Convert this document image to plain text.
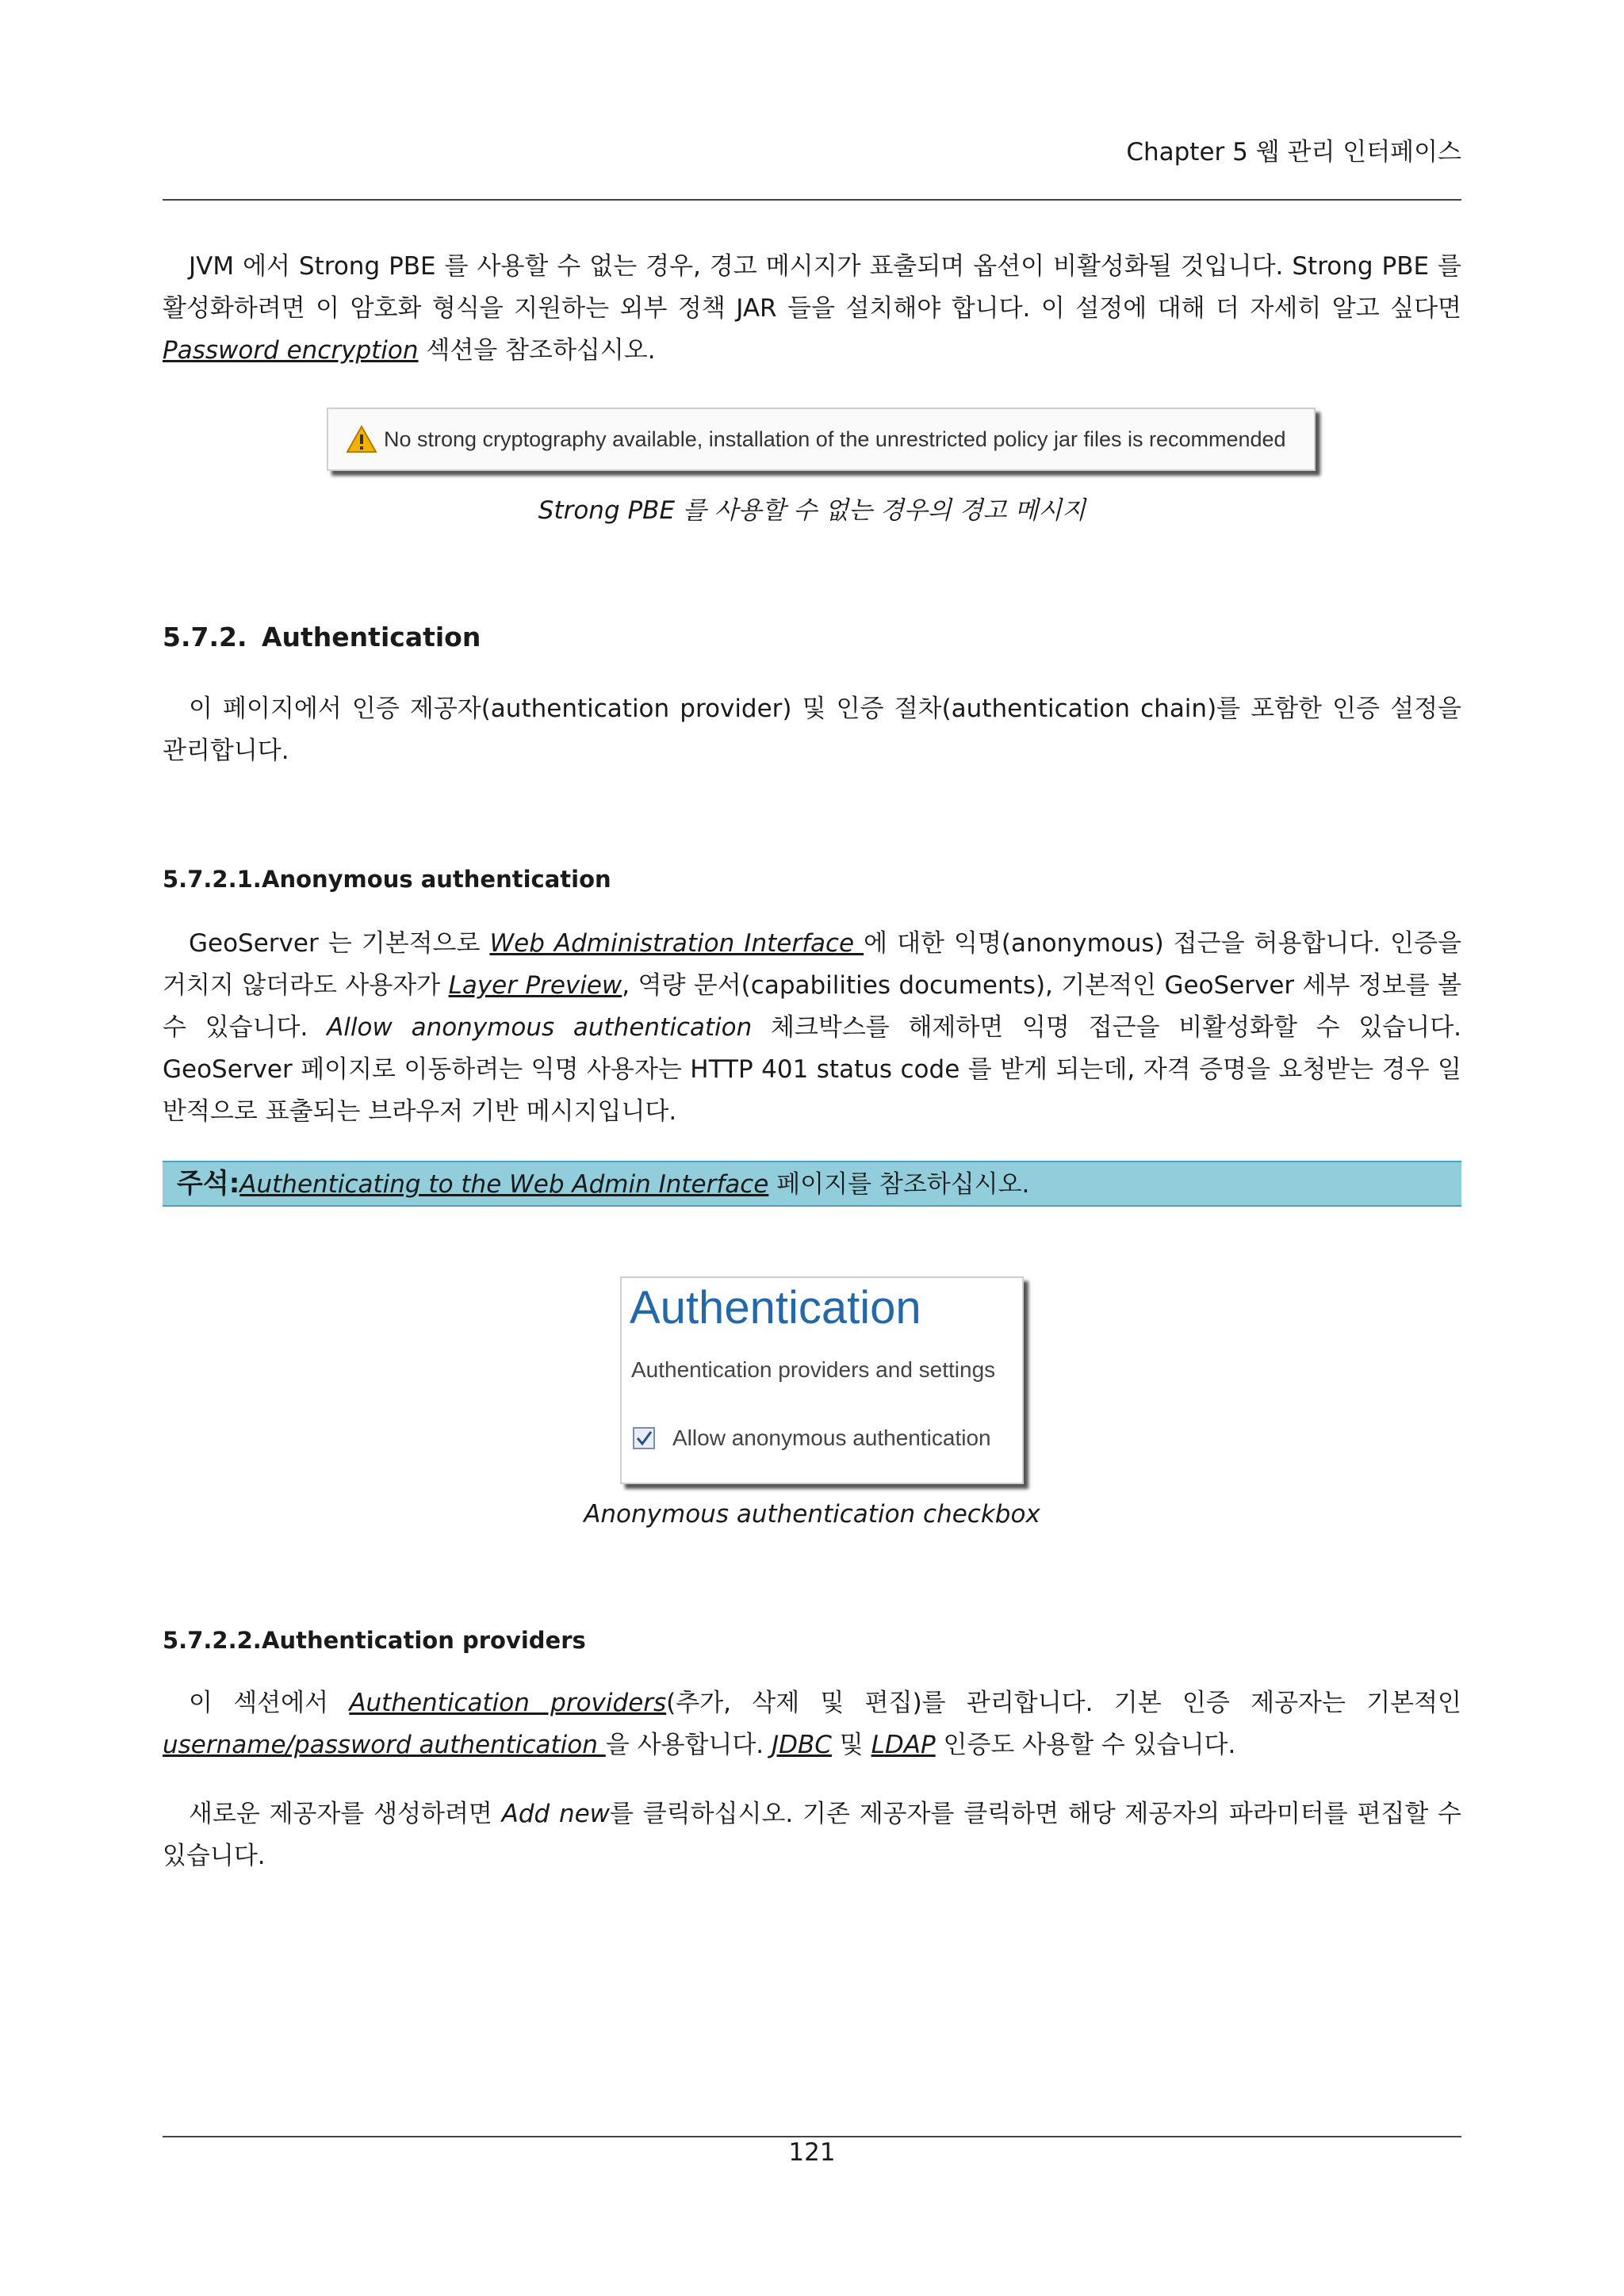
Chapter 5 웹 관리 인터페이스
JVM 에서 Strong PBE 를 사용할 수 없는 경우, 경고 메시지가 표출되며 옵션이 비활성화될 것입니다. Strong PBE 를 활성화하려면 이 암호화 형식을 지원하는 외부 정책 JAR 들을 설치해야 합니다. 이 설정에 대해 더 자세히 알고 싶다면 Password encryption 섹션을 참조하십시오.
No strong cryptography available, installation of the unrestricted policy jar files is recommended
Strong PBE 를 사용할 수 없는 경우의 경고 메시지
5.7.2. Authentication
이 페이지에서 인증 제공자(authentication provider) 및 인증 절차(authentication chain)를 포함한 인증 설정을 관리합니다.
5.7.2.1.Anonymous authentication
GeoServer 는 기본적으로 Web Administration Interface 에 대한 익명(anonymous) 접근을 허용합니다. 인증을 거치지 않더라도 사용자가 Layer Preview, 역량 문서(capabilities documents), 기본적인 GeoServer 세부 정보를 볼 수 있습니다. Allow anonymous authentication 체크박스를 해제하면 익명 접근을 비활성화할 수 있습니다. GeoServer 페이지로 이동하려는 익명 사용자는 HTTP 401 status code 를 받게 되는데, 자격 증명을 요청받는 경우 일반적으로 표출되는 브라우저 기반 메시지입니다.
주석:Authenticating to the Web Admin Interface 페이지를 참조하십시오.
Authentication
Authentication providers and settings
Allow anonymous authentication
Anonymous authentication checkbox
5.7.2.2.Authentication providers
이 섹션에서 Authentication providers(추가, 삭제 및 편집)를 관리합니다. 기본 인증 제공자는 기본적인 username/password authentication 을 사용합니다. JDBC 및 LDAP 인증도 사용할 수 있습니다.
새로운 제공자를 생성하려면 Add new를 클릭하십시오. 기존 제공자를 클릭하면 해당 제공자의 파라미터를 편집할 수 있습니다.
121
